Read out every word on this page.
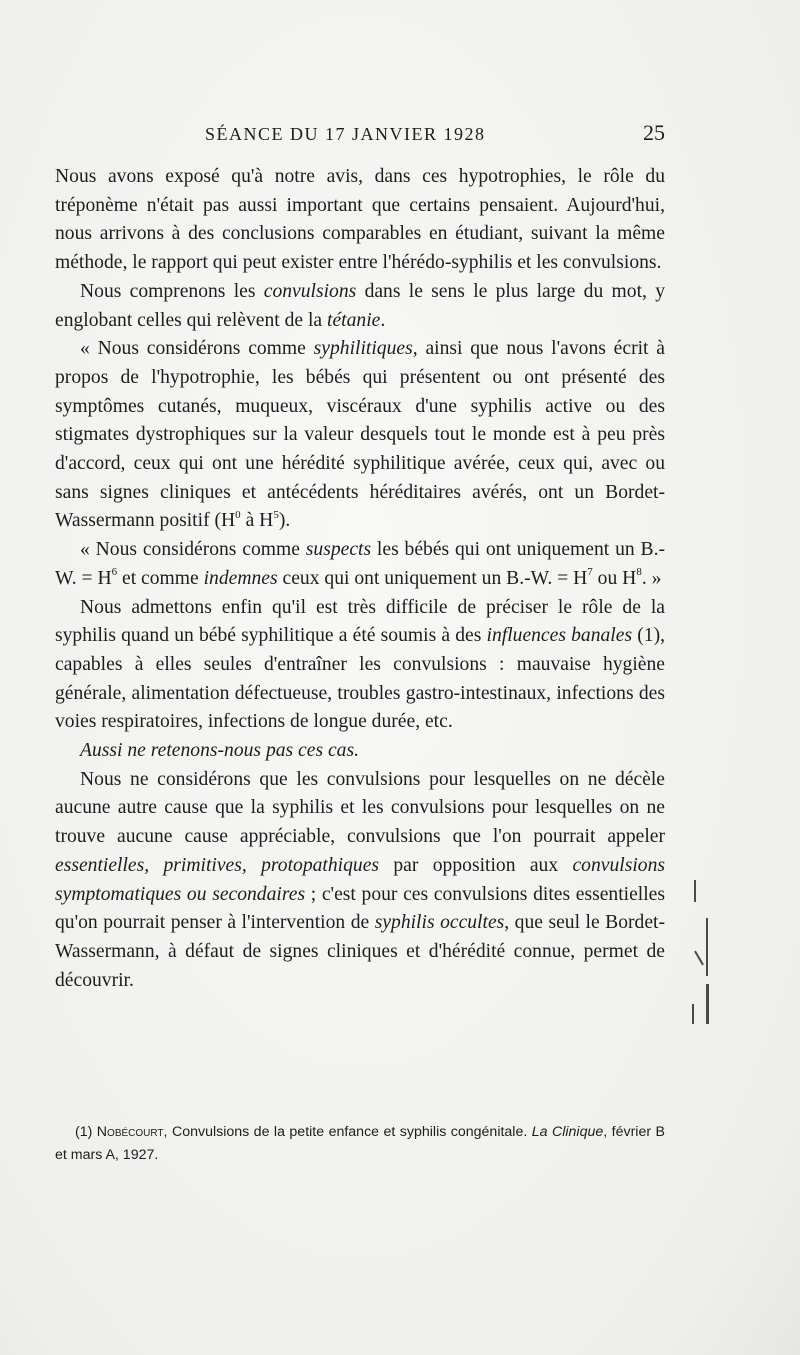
SÉANCE DU 17 JANVIER 1928	25

Nous avons exposé qu'à notre avis, dans ces hypotrophies, le rôle du tréponème n'était pas aussi important que certains pensaient. Aujourd'hui, nous arrivons à des conclusions comparables en étudiant, suivant la même méthode, le rapport qui peut exister entre l'hérédo-syphilis et les convulsions.

Nous comprenons les convulsions dans le sens le plus large du mot, y englobant celles qui relèvent de la tétanie.

« Nous considérons comme syphilitiques, ainsi que nous l'avons écrit à propos de l'hypotrophie, les bébés qui présentent ou ont présenté des symptômes cutanés, muqueux, viscéraux d'une syphilis active ou des stigmates dystrophiques sur la valeur desquels tout le monde est à peu près d'accord, ceux qui ont une hérédité syphilitique avérée, ceux qui, avec ou sans signes cliniques et antécédents héréditaires avérés, ont un Bordet-Wassermann positif ($H^0$ à $H^5$).

« Nous considérons comme suspects les bébés qui ont uniquement un B.-W. = $H^6$ et comme indemnes ceux qui ont uniquement un B.-W. = $H^7$ ou $H^8$. »

Nous admettons enfin qu'il est très difficile de préciser le rôle de la syphilis quand un bébé syphilitique a été soumis à des influences banales (1), capables à elles seules d'entraîner les convulsions : mauvaise hygiène générale, alimentation défectueuse, troubles gastro-intestinaux, infections des voies respiratoires, infections de longue durée, etc.

Aussi ne retenons-nous pas ces cas.

Nous ne considérons que les convulsions pour lesquelles on ne décèle aucune autre cause que la syphilis et les convulsions pour lesquelles on ne trouve aucune cause appréciable, convulsions que l'on pourrait appeler essentielles, primitives, protopathiques par opposition aux convulsions symptomatiques ou secondaires ; c'est pour ces convulsions dites essentielles qu'on pourrait penser à l'intervention de syphilis occultes, que seul le Bordet-Wassermann, à défaut de signes cliniques et d'hérédité connue, permet de découvrir.

(1) Nobécourt, Convulsions de la petite enfance et syphilis congénitale. La Clinique, février B et mars A, 1927.
